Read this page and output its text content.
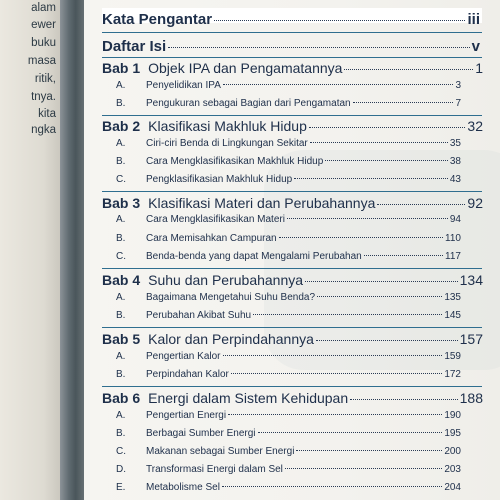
alam
ewer
buku
masa
ritik,
tnya.
kita
ngka
Kata Pengantar	iii
Daftar Isi	v
Bab 1 Objek IPA dan Pengamatannya	1
A.	Penyelidikan IPA	3
B.	Pengukuran sebagai Bagian dari Pengamatan	7
Bab 2 Klasifikasi Makhluk Hidup	32
A.	Ciri-ciri Benda di Lingkungan Sekitar	35
B.	Cara Mengklasifikasikan Makhluk Hidup	38
C.	Pengklasifikasian Makhluk Hidup	43
Bab 3 Klasifikasi Materi dan Perubahannya	92
A.	Cara Mengklasifikasikan Materi	94
B.	Cara Memisahkan Campuran	110
C.	Benda-benda yang dapat Mengalami Perubahan	117
Bab 4 Suhu dan Perubahannya	134
A.	Bagaimana Mengetahui Suhu Benda?	135
B.	Perubahan Akibat Suhu	145
Bab 5 Kalor dan Perpindahannya	157
A.	Pengertian Kalor	159
B.	Perpindahan Kalor	172
Bab 6 Energi dalam Sistem Kehidupan	188
A.	Pengertian Energi	190
B.	Berbagai Sumber Energi	195
C.	Makanan sebagai Sumber Energi	200
D.	Transformasi Energi dalam Sel	203
E.	Metabolisme Sel	204
